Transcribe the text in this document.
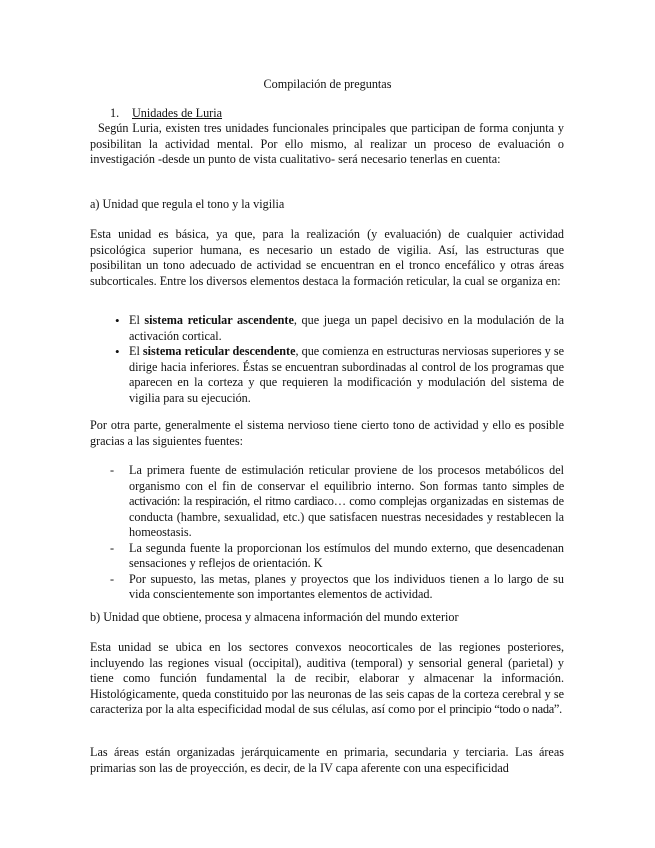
Compilación de preguntas
1. Unidades de Luria

Según Luria, existen tres unidades funcionales principales que participan de forma conjunta y posibilitan la actividad mental. Por ello mismo, al realizar un proceso de evaluación o investigación -desde un punto de vista cualitativo- será necesario tenerlas en cuenta:

a) Unidad que regula el tono y la vigilia

Esta unidad es básica, ya que, para la realización (y evaluación) de cualquier actividad psicológica superior humana, es necesario un estado de vigilia. Así, las estructuras que posibilitan un tono adecuado de actividad se encuentran en el tronco encefálico y otras áreas subcorticales. Entre los diversos elementos destaca la formación reticular, la cual se organiza en:

• El sistema reticular ascendente, que juega un papel decisivo en la modulación de la activación cortical.
• El sistema reticular descendente, que comienza en estructuras nerviosas superiores y se dirige hacia inferiores. Éstas se encuentran subordinadas al control de los programas que aparecen en la corteza y que requieren la modificación y modulación del sistema de vigilia para su ejecución.

Por otra parte, generalmente el sistema nervioso tiene cierto tono de actividad y ello es posible gracias a las siguientes fuentes:

- La primera fuente de estimulación reticular proviene de los procesos metabólicos del organismo con el fin de conservar el equilibrio interno. Son formas tanto simples de activación: la respiración, el ritmo cardiaco… como complejas organizadas en sistemas de conducta (hambre, sexualidad, etc.) que satisfacen nuestras necesidades y restablecen la homeostasis.
- La segunda fuente la proporcionan los estímulos del mundo externo, que desencadenan sensaciones y reflejos de orientación. K
- Por supuesto, las metas, planes y proyectos que los individuos tienen a lo largo de su vida conscientemente son importantes elementos de actividad.

b) Unidad que obtiene, procesa y almacena información del mundo exterior

Esta unidad se ubica en los sectores convexos neocorticales de las regiones posteriores, incluyendo las regiones visual (occipital), auditiva (temporal) y sensorial general (parietal) y tiene como función fundamental la de recibir, elaborar y almacenar la información. Histológicamente, queda constituido por las neuronas de las seis capas de la corteza cerebral y se caracteriza por la alta especificidad modal de sus células, así como por el principio “todo o nada”.

Las áreas están organizadas jerárquicamente en primaria, secundaria y terciaria. Las áreas primarias son las de proyección, es decir, de la IV capa aferente con una especificidad
